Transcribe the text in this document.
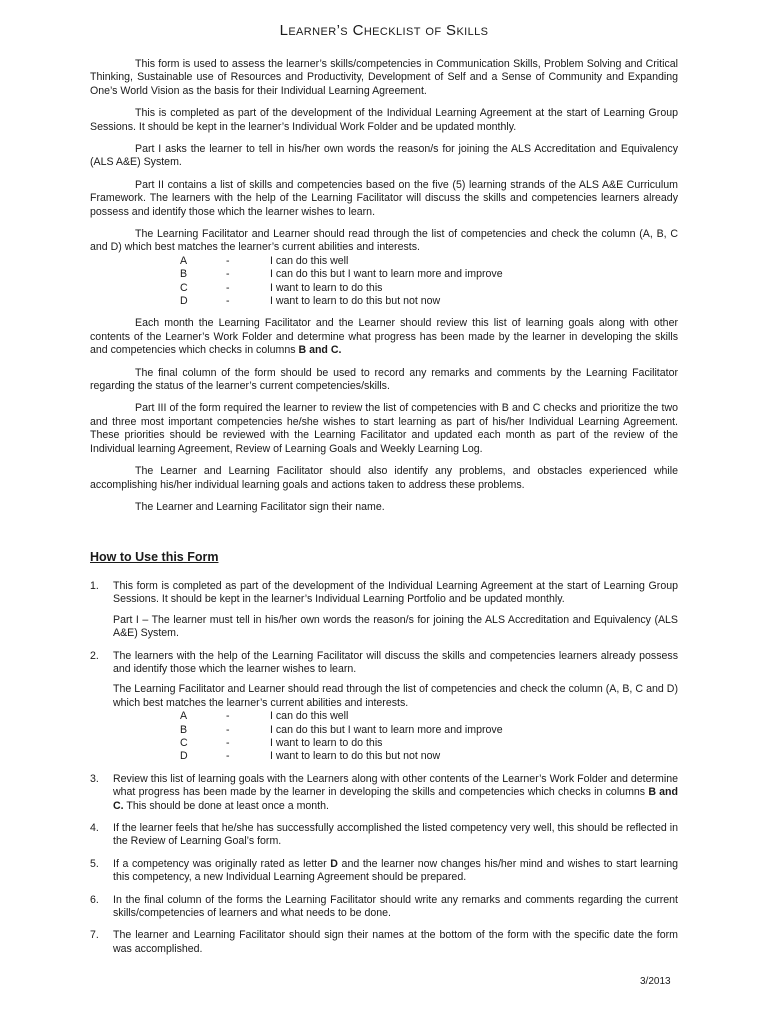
Learner’s Checklist of Skills

This form is used to assess the learner’s skills/competencies in Communication Skills, Problem Solving and Critical Thinking, Sustainable use of Resources and Productivity, Development of Self and a Sense of Community and Expanding One’s World Vision as the basis for their Individual Learning Agreement.

This is completed as part of the development of the Individual Learning Agreement at the start of Learning Group Sessions. It should be kept in the learner’s Individual Work Folder and be updated monthly.

Part I asks the learner to tell in his/her own words the reason/s for joining the ALS Accreditation and Equivalency (ALS A&E) System.

Part II contains a list of skills and competencies based on the five (5) learning strands of the ALS A&E Curriculum Framework. The learners with the help of the Learning Facilitator will discuss the skills and competencies learners already possess and identify those which the learner wishes to learn.

The Learning Facilitator and Learner should read through the list of competencies and check the column (A, B, C and D) which best matches the learner’s current abilities and interests.

A	-	I can do this well
B	-	I can do this but I want to learn more and improve
C	-	I want to learn to do this
D	-	I want to learn to do this but not now

Each month the Learning Facilitator and the Learner should review this list of learning goals along with other contents of the Learner’s Work Folder and determine what progress has been made by the learner in developing the skills and competencies which checks in columns B and C.

The final column of the form should be used to record any remarks and comments by the Learning Facilitator regarding the status of the learner’s current competencies/skills.

Part III of the form required the learner to review the list of competencies with B and C checks and prioritize the two and three most important competencies he/she wishes to start learning as part of his/her Individual Learning Agreement. These priorities should be reviewed with the Learning Facilitator and updated each month as part of the review of the Individual learning Agreement, Review of Learning Goals and Weekly Learning Log.

The Learner and Learning Facilitator should also identify any problems, and obstacles experienced while accomplishing his/her individual learning goals and actions taken to address these problems.

The Learner and Learning Facilitator sign their name.

How to Use this Form
1. This form is completed as part of the development of the Individual Learning Agreement at the start of Learning Group Sessions. It should be kept in the learner’s Individual Learning Portfolio and be updated monthly.

Part I – The learner must tell in his/her own words the reason/s for joining the ALS Accreditation and Equivalency (ALS A&E) System.

2. The learners with the help of the Learning Facilitator will discuss the skills and competencies learners already possess and identify those which the learner wishes to learn.

The Learning Facilitator and Learner should read through the list of competencies and check the column (A, B, C and D) which best matches the learner’s current abilities and interests.

A	-	I can do this well
B	-	I can do this but I want to learn more and improve
C	-	I want to learn to do this
D	-	I want to learn to do this but not now
3. Review this list of learning goals with the Learners along with other contents of the Learner’s Work Folder and determine what progress has been made by the learner in developing the skills and competencies which checks in columns B and C. This should be done at least once a month.

4. If the learner feels that he/she has successfully accomplished the listed competency very well, this should be reflected in the Review of Learning Goal’s form.

5. If a competency was originally rated as letter D and the learner now changes his/her mind and wishes to start learning this competency, a new Individual Learning Agreement should be prepared.

6. In the final column of the forms the Learning Facilitator should write any remarks and comments regarding the current skills/competencies of learners and what needs to be done.

7. The learner and Learning Facilitator should sign their names at the bottom of the form with the specific date the form was accomplished.

3/2013
